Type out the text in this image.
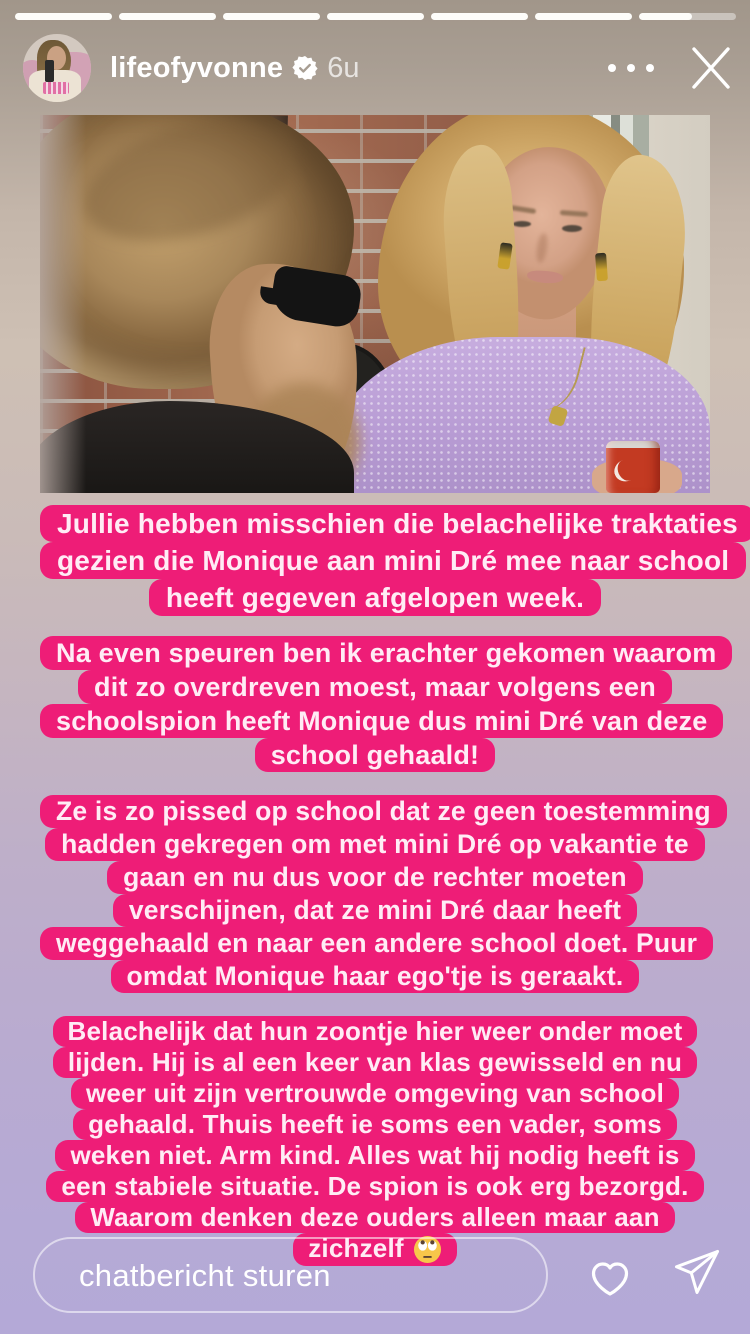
lifeofyvonne 6u
Jullie hebben misschien die belachelijke traktaties
gezien die Monique aan mini Dré mee naar school
heeft gegeven afgelopen week.
Na even speuren ben ik erachter gekomen waarom
dit zo overdreven moest, maar volgens een
schoolspion heeft Monique dus mini Dré van deze
school gehaald!
Ze is zo pissed op school dat ze geen toestemming
hadden gekregen om met mini Dré op vakantie te
gaan en nu dus voor de rechter moeten
verschijnen, dat ze mini Dré daar heeft
weggehaald en naar een andere school doet. Puur
omdat Monique haar ego'tje is geraakt.
Belachelijk dat hun zoontje hier weer onder moet
lijden. Hij is al een keer van klas gewisseld en nu
weer uit zijn vertrouwde omgeving van school
gehaald. Thuis heeft ie soms een vader, soms
weken niet. Arm kind. Alles wat hij nodig heeft is
een stabiele situatie. De spion is ook erg bezorgd.
Waarom denken deze ouders alleen maar aan
zichzelf
chatbericht sturen
